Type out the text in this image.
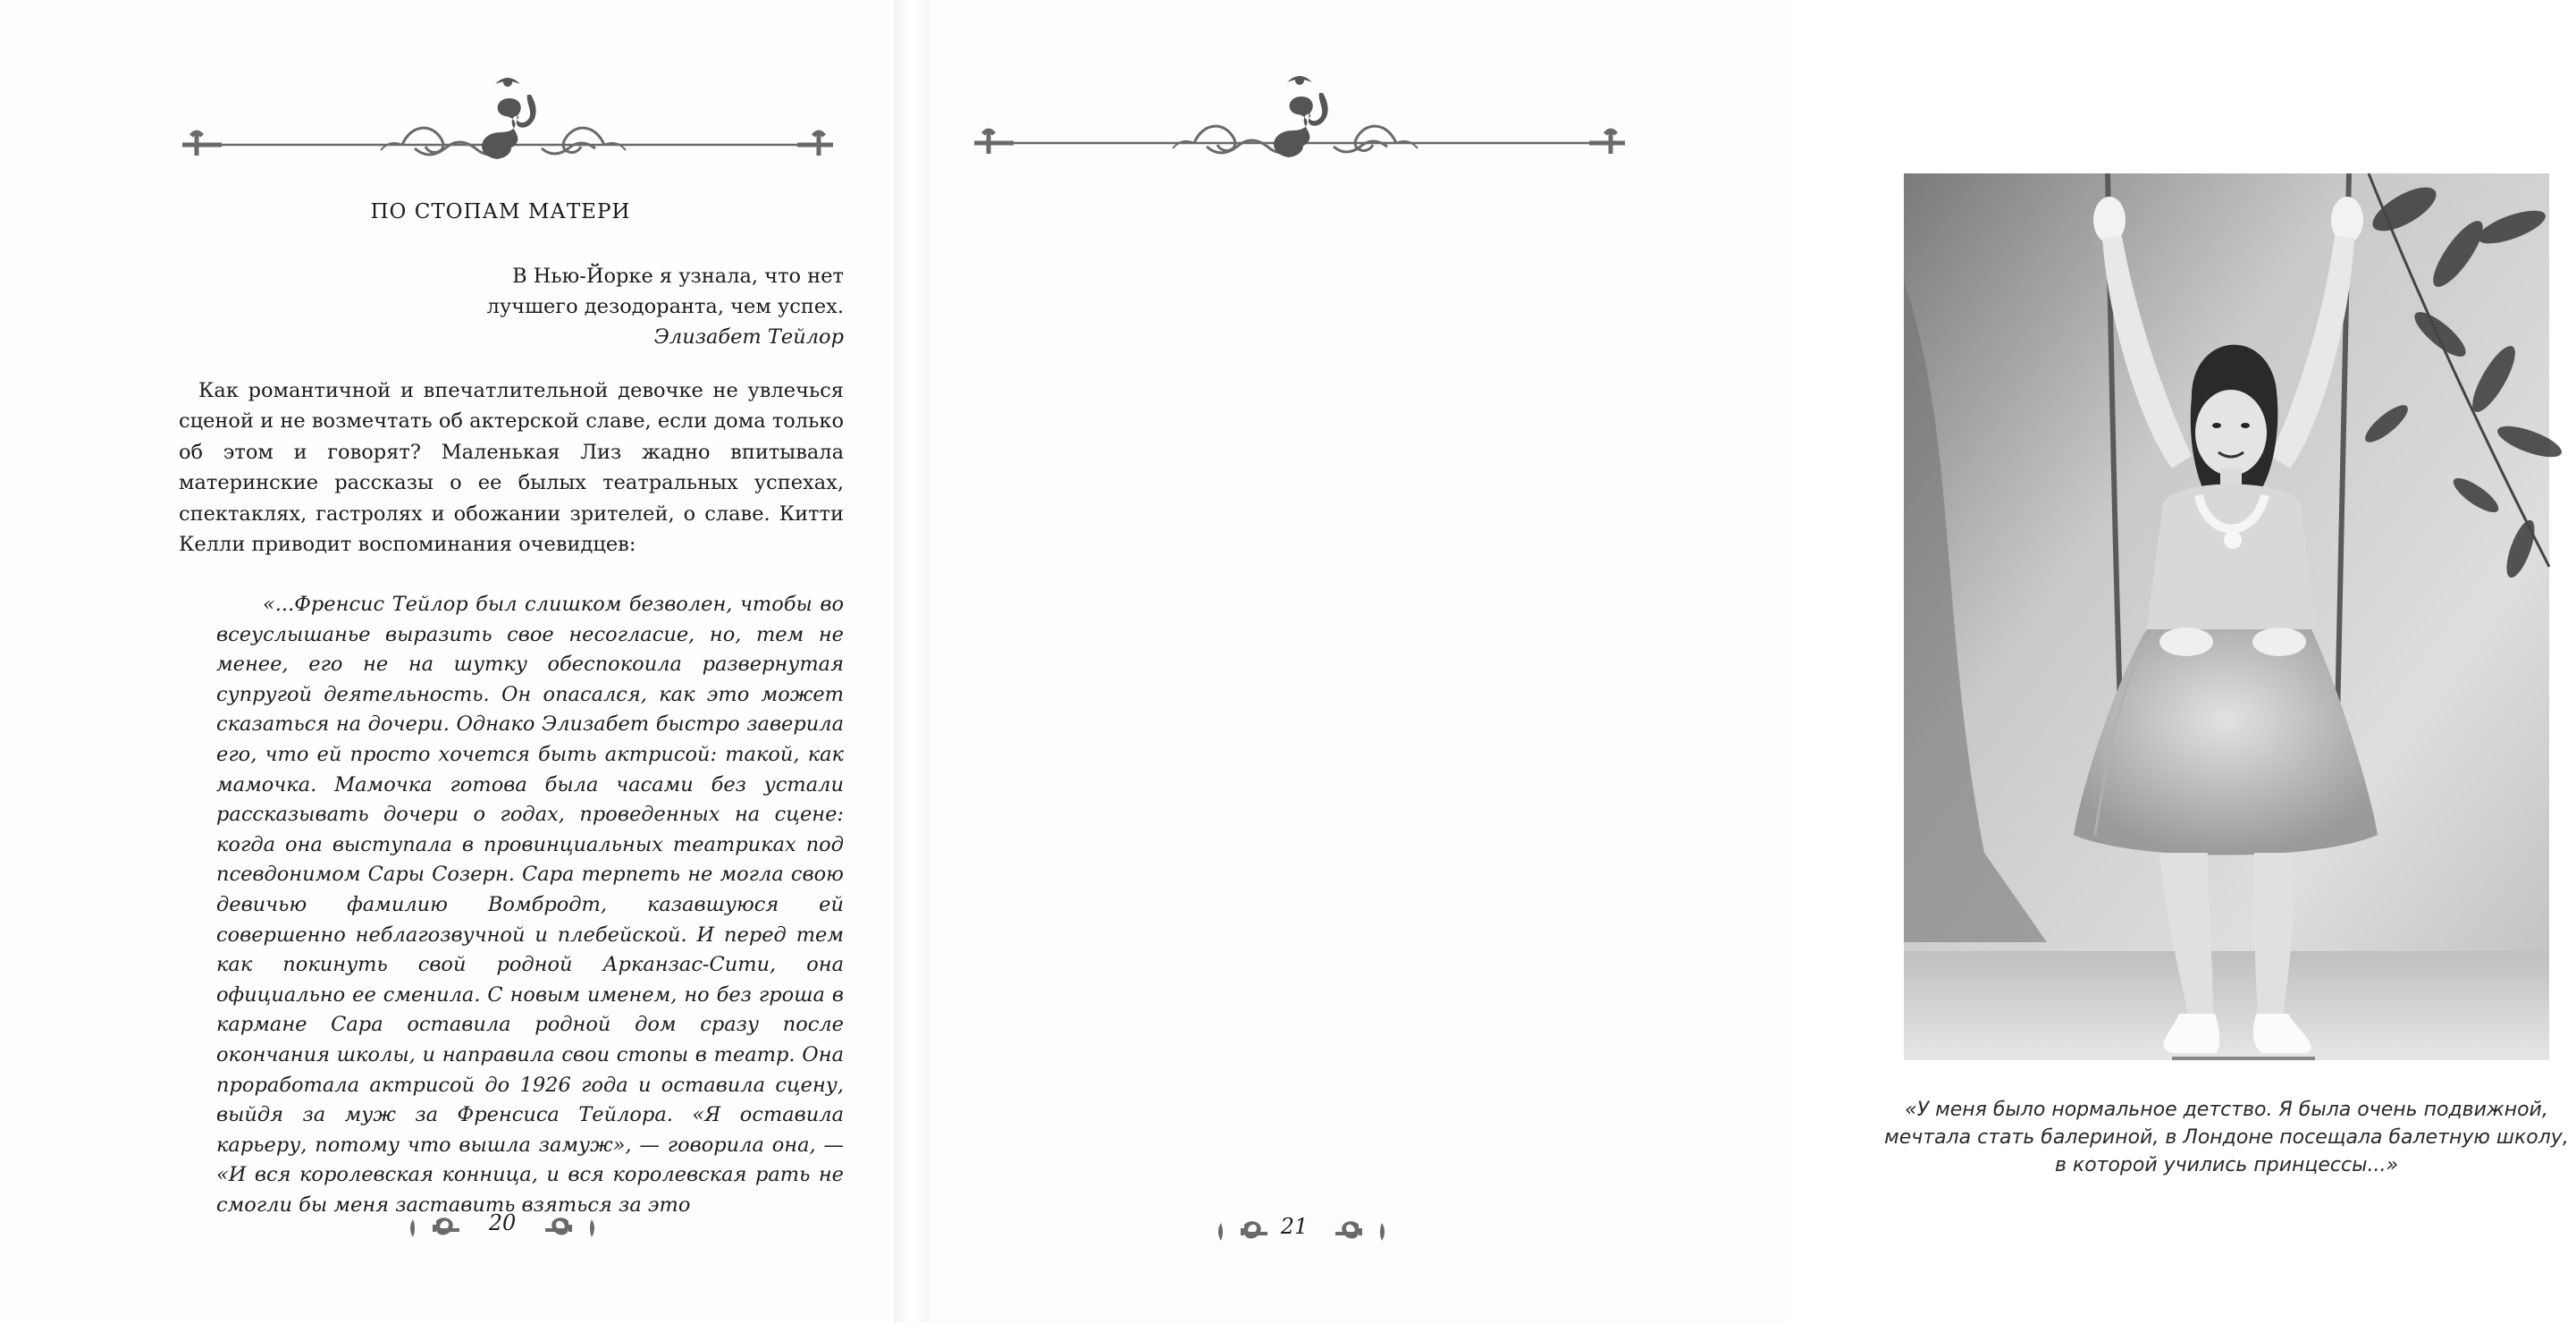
ПО СТОПАМ МАТЕРИ
В Нью-Йорке я узнала, что нет
лучшего дезодоранта, чем успех.
Элизабет Тейлор

Как романтичной и впечатлительной девочке не увлечься сценой и не возмечтать об актерской славе, если дома только об этом и говорят? Маленькая Лиз жадно впитывала материнские рассказы о ее былых театральных успехах, спектаклях, гастролях и обожании зрителей, о славе. Китти Келли приводит воспоминания очевидцев:

«...Френсис Тейлор был слишком безволен, чтобы во всеуслышанье выразить свое несогласие, но, тем не менее, его не на шутку обеспокоила развернутая супругой деятельность. Он опасался, как это может сказаться на дочери. Однако Элизабет быстро заверила его, что ей просто хочется быть актрисой: такой, как мамочка. Мамочка готова была часами без устали рассказывать дочери о годах, проведенных на сцене: когда она выступала в провинциальных театриках под псевдонимом Сары Созерн. Сара терпеть не могла свою девичью фамилию Вомбродт, казавшуюся ей совершенно неблагозвучной и плебейской. И перед тем как покинуть свой родной Арканзас-Сити, она официально ее сменила. С новым именем, но без гроша в кармане Сара оставила родной дом сразу после окончания школы, и направила свои стопы в театр. Она проработала актрисой до 1926 года и оставила сцену, выйдя за муж за Френсиса Тейлора. «Я оставила карьеру, потому что вышла замуж», — говорила она, — «И вся королевская конница, и вся королевская рать не смогли бы меня заставить взяться за это

20
«У меня было нормальное детство. Я была очень подвижной, мечтала стать балериной, в Лондоне посещала балетную школу, в которой учились принцессы...»
21
